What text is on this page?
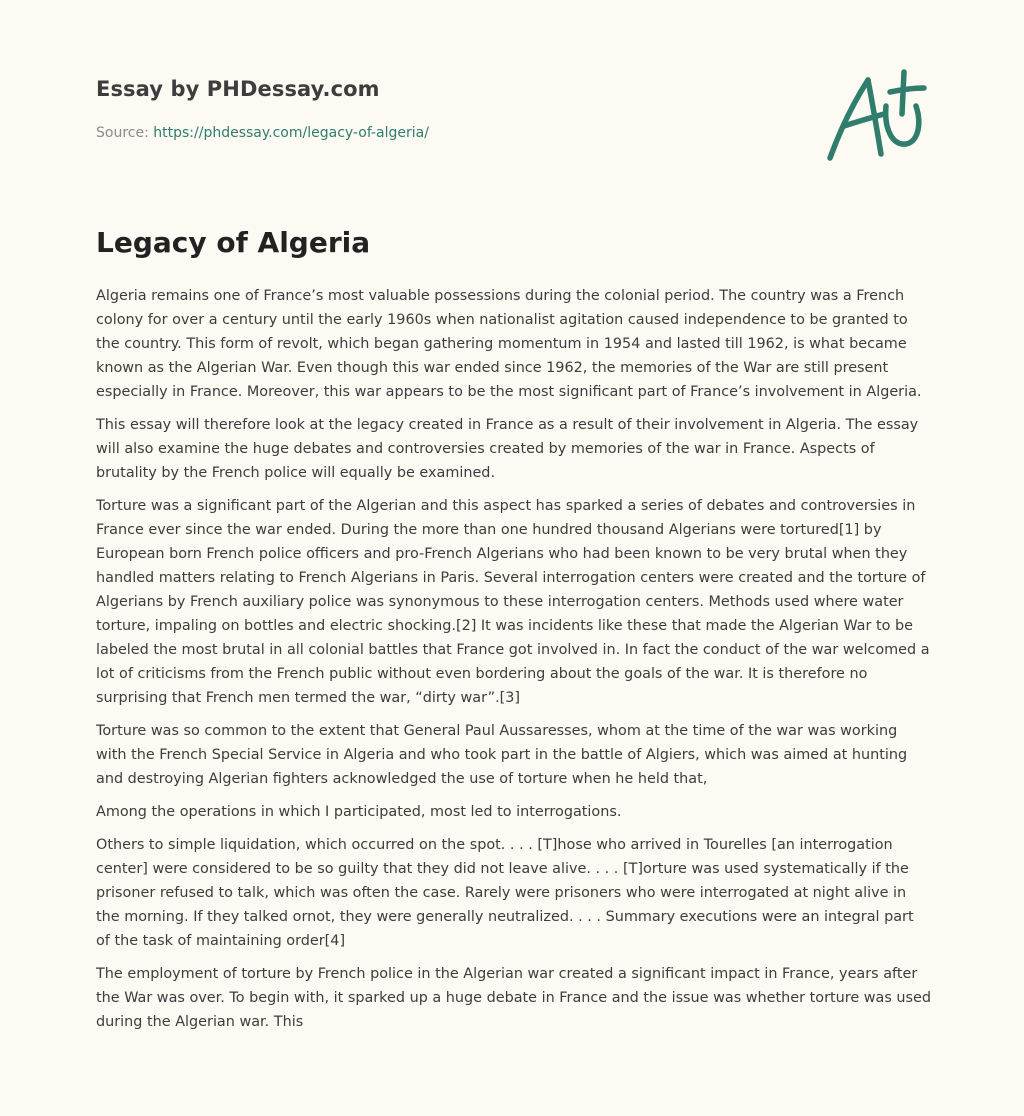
Essay by PHDessay.com
Source: https://phdessay.com/legacy-of-algeria/
Legacy of Algeria

Algeria remains one of France’s most valuable possessions during the colonial period. The country was a French colony for over a century until the early 1960s when nationalist agitation caused independence to be granted to the country. This form of revolt, which began gathering momentum in 1954 and lasted till 1962, is what became known as the Algerian War. Even though this war ended since 1962, the memories of the War are still present especially in France. Moreover, this war appears to be the most significant part of France’s involvement in Algeria.

This essay will therefore look at the legacy created in France as a result of their involvement in Algeria. The essay will also examine the huge debates and controversies created by memories of the war in France. Aspects of brutality by the French police will equally be examined.

Torture was a significant part of the Algerian and this aspect has sparked a series of debates and controversies in France ever since the war ended. During the more than one hundred thousand Algerians were tortured[1] by European born French police officers and pro-French Algerians who had been known to be very brutal when they handled matters relating to French Algerians in Paris. Several interrogation centers were created and the torture of Algerians by French auxiliary police was synonymous to these interrogation centers. Methods used where water torture, impaling on bottles and electric shocking.[2] It was incidents like these that made the Algerian War to be labeled the most brutal in all colonial battles that France got involved in. In fact the conduct of the war welcomed a lot of criticisms from the French public without even bordering about the goals of the war. It is therefore no surprising that French men termed the war, “dirty war”.[3]

Torture was so common to the extent that General Paul Aussaresses, whom at the time of the war was working with the French Special Service in Algeria and who took part in the battle of Algiers, which was aimed at hunting and destroying Algerian fighters acknowledged the use of torture when he held that,

Among the operations in which I participated, most led to interrogations.

Others to simple liquidation, which occurred on the spot. . . . [T]hose who arrived in Tourelles [an interrogation center] were considered to be so guilty that they did not leave alive. . . . [T]orture was used systematically if the prisoner refused to talk, which was often the case. Rarely were prisoners who were interrogated at night alive in the morning. If they talked ornot, they were generally neutralized. . . . Summary executions were an integral part of the task of maintaining order[4]

The employment of torture by French police in the Algerian war created a significant impact in France, years after the War was over. To begin with, it sparked up a huge debate in France and the issue was whether torture was used during the Algerian war. This
